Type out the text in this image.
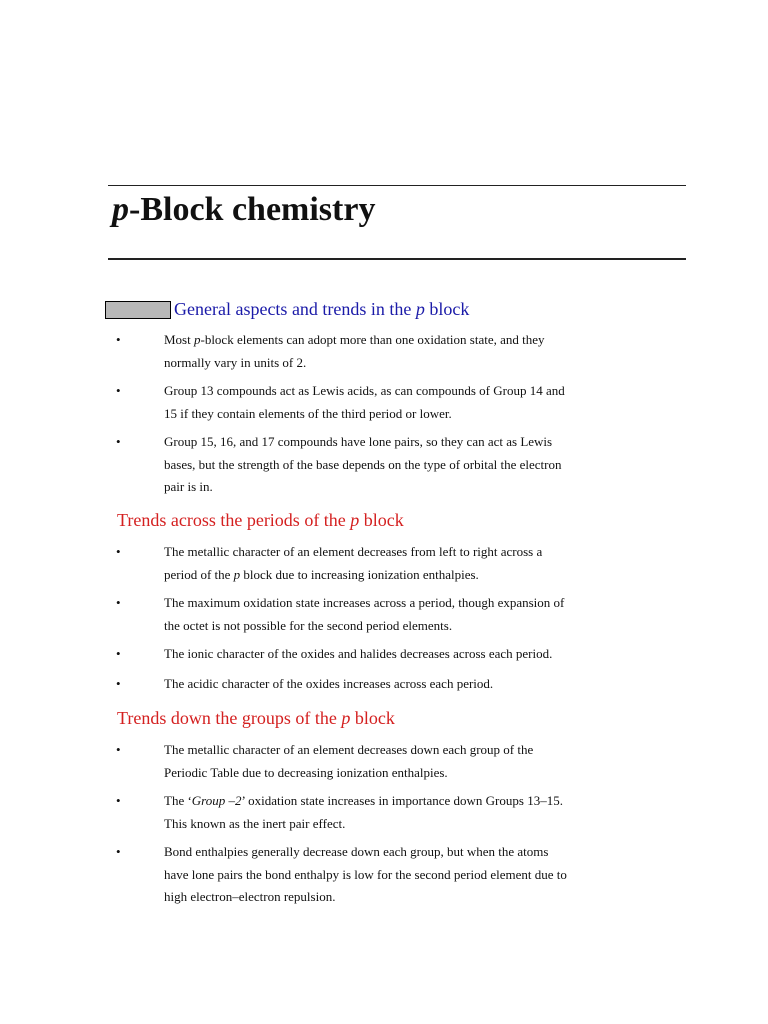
p-Block chemistry
General aspects and trends in the p block
Trends across the periods of the p block
Trends down the groups of the p block
•	Most p-block elements can adopt more than one oxidation state, and they
normally vary in units of 2.
•	Group 13 compounds act as Lewis acids, as can compounds of Group 14 and
15 if they contain elements of the third period or lower.
•	Group 15, 16, and 17 compounds have lone pairs, so they can act as Lewis
bases, but the strength of the base depends on the type of orbital the electron
pair is in.
•	The metallic character of an element decreases from left to right across a
period of the p block due to increasing ionization enthalpies.
•	The maximum oxidation state increases across a period, though expansion of
the octet is not possible for the second period elements.
•	The ionic character of the oxides and halides decreases across each period.
•	The acidic character of the oxides increases across each period.
•	The metallic character of an element decreases down each group of the
Periodic Table due to decreasing ionization enthalpies.
•	The ‘Group –2’ oxidation state increases in importance down Groups 13–15.
This known as the inert pair effect.
•	Bond enthalpies generally decrease down each group, but when the atoms
have lone pairs the bond enthalpy is low for the second period element due to
high electron–electron repulsion.
